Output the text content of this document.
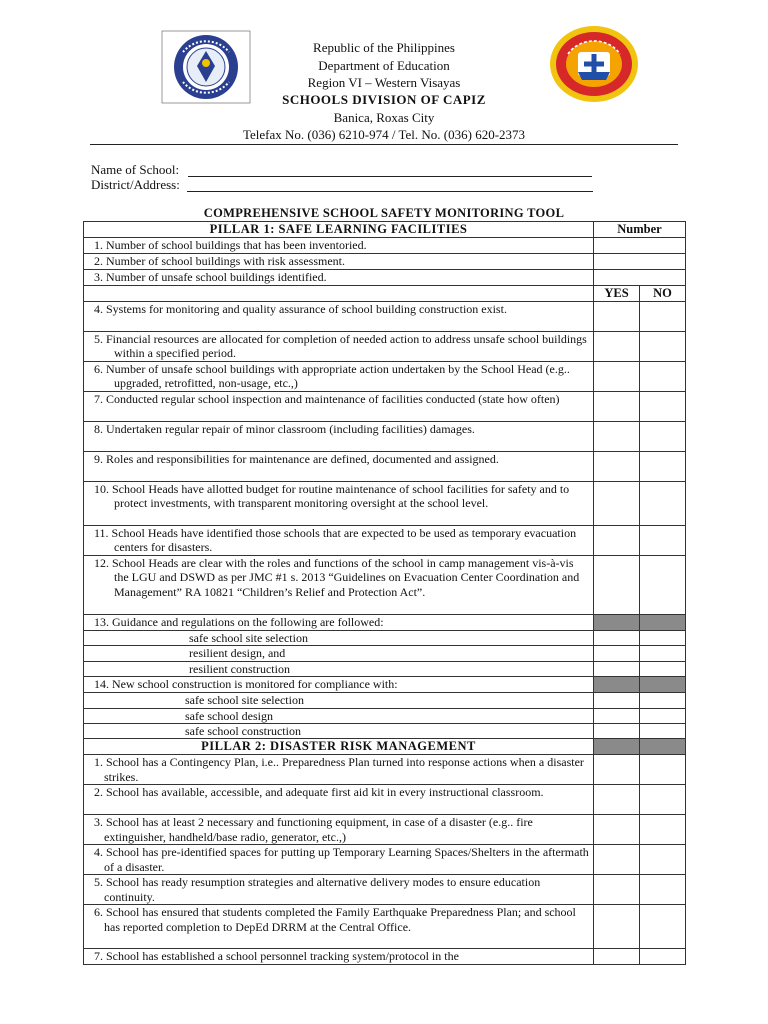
Republic of the Philippines
Department of Education
Region VI – Western Visayas
SCHOOLS DIVISION OF CAPIZ
Banica, Roxas City
Telefax No. (036) 6210-974 / Tel. No. (036) 620-2373
Name of School:
District/Address:
COMPREHENSIVE SCHOOL SAFETY MONITORING TOOL
PILLAR 1: SAFE LEARNING FACILITIES	Number	
1. Number of school buildings that has been inventoried.		
2. Number of school buildings with risk assessment.		
3. Number of unsafe school buildings identified.		
	YES	NO
4. Systems for monitoring and quality assurance of school building construction exist.		
5. Financial resources are allocated for completion of needed action to address unsafe school buildings within a specified period.		
6. Number of unsafe school buildings with appropriate action undertaken by the School Head (e.g.. upgraded, retrofitted, non-usage, etc.,)		
7. Conducted regular school inspection and maintenance of facilities conducted (state how often)		
8. Undertaken regular repair of minor classroom (including facilities) damages.		
9. Roles and responsibilities for maintenance are defined, documented and assigned.		
10. School Heads have allotted budget for routine maintenance of school facilities for safety and to protect investments, with transparent monitoring oversight at the school level.		
11. School Heads have identified those schools that are expected to be used as temporary evacuation centers for disasters.		
12. School Heads are clear with the roles and functions of the school in camp management vis-à-vis the LGU and DSWD as per JMC #1 s. 2013 “Guidelines on Evacuation Center Coordination and Management” RA 10821 “Children’s Relief and Protection Act”.		
13. Guidance and regulations on the following are followed:		
safe school site selection		
resilient design, and		
resilient construction		
14. New school construction is monitored for compliance with:		
safe school site selection		
safe school design		
safe school construction		
PILLAR 2: DISASTER RISK MANAGEMENT		
1. School has a Contingency Plan, i.e.. Preparedness Plan turned into response actions when a disaster strikes.		
2. School has available, accessible, and adequate first aid kit in every instructional classroom.		
3. School has at least 2 necessary and functioning equipment, in case of a disaster (e.g.. fire extinguisher, handheld/base radio, generator, etc.,)		
4. School has pre-identified spaces for putting up Temporary Learning Spaces/Shelters in the aftermath of a disaster.		
5. School has ready resumption strategies and alternative delivery modes to ensure education continuity.		
6. School has ensured that students completed the Family Earthquake Preparedness Plan; and school has reported completion to DepEd DRRM at the Central Office.		
7. School has established a school personnel tracking system/protocol in the		
